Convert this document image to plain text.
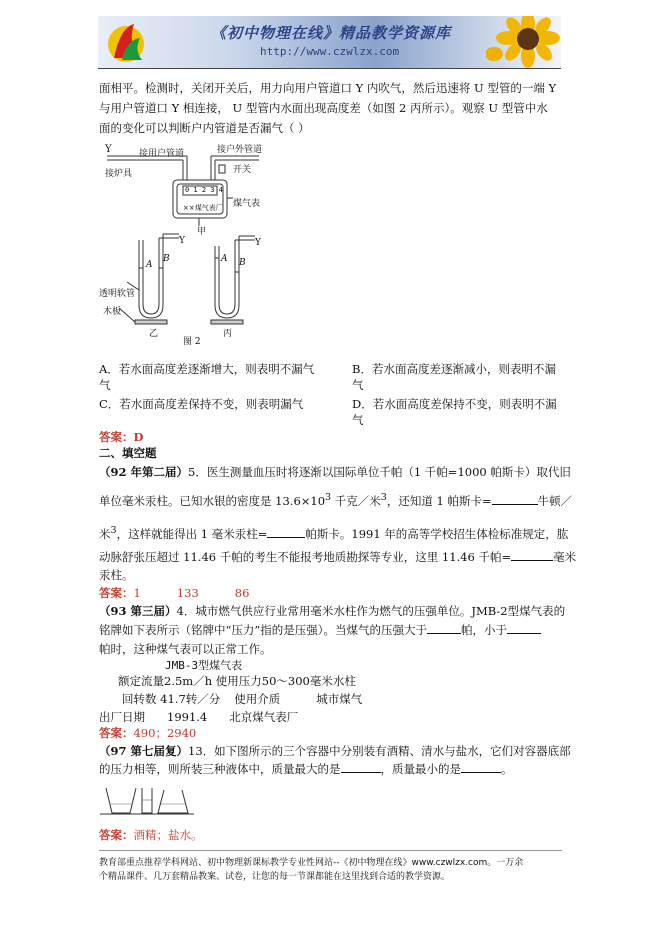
《初中物理在线》精品教学资源库
http://www.czwlzx.com
面相平。检测时，关闭开关后，用力向用户管道口 Y 内吹气，然后迅速将 U 型管的一端 Y
与用户管道口 Y 相连接， U 型管内水面出现高度差（如图 2 丙所示）。观察 U 型管中水
面的变化可以判断户内管道是否漏气（ ）
Y	接用户管道	接户外管道
开关
接炉具
0 1 2 3 4
××煤气表厂 煤气表
甲
A
B
Y
A B
Y
透明软管
木板
乙	丙
图 2
A．若水面高度差逐渐增大，则表明不漏气
气
B．若水面高度差逐渐减小，则表明不漏
气
C．若水面高度差保持不变，则表明漏气	D．若水面高度差保持不变，则表明不漏
气
答案：D
二、填空题
（92 年第二届）5．医生测量血压时将逐渐以国际单位千帕（1 千帕=1000 帕斯卡）取代旧
单位毫米汞柱。已知水银的密度是 $13.6\times 10^3$ 千克／米$^3$，还知道 1 帕斯卡=	牛顿／
米$^3$，这样就能得出 1 毫米汞柱=	帕斯卡。1991 年的高等学校招生体检标准规定，肱
动脉舒张压超过 11.46 千帕的考生不能报考地质勘探等专业，这里 11.46 千帕=	毫米
汞柱。
答案：1	133	86
（93 第三届）4．城市燃气供应行业常用毫米水柱作为燃气的压强单位。JMB-2型煤气表的
铭牌如下表所示（铭牌中“压力”指的是压强）。当煤气的压强大于	帕，小于
帕时，这种煤气表可以正常工作。
JMB-3型煤气表
额定流量2.5m／h 使用压力50～300毫米水柱
回转数 41.7转／分 使用介质	城市煤气
出厂日期 1991.4 北京煤气表厂
答案：490；2940
（97 第七届复）13．如下图所示的三个容器中分别装有酒精、清水与盐水，它们对容器底部
的压力相等，则所装三种液体中，质量最大的是	，质量最小的是	。
答案：酒精；盐水。
教育部重点推荐学科网站、初中物理新课标教学专业性网站--《初中物理在线》www.czwlzx.com。一万余
个精品课件、几万套精品教案、试卷，让您的每一节课都能在这里找到合适的教学资源。
